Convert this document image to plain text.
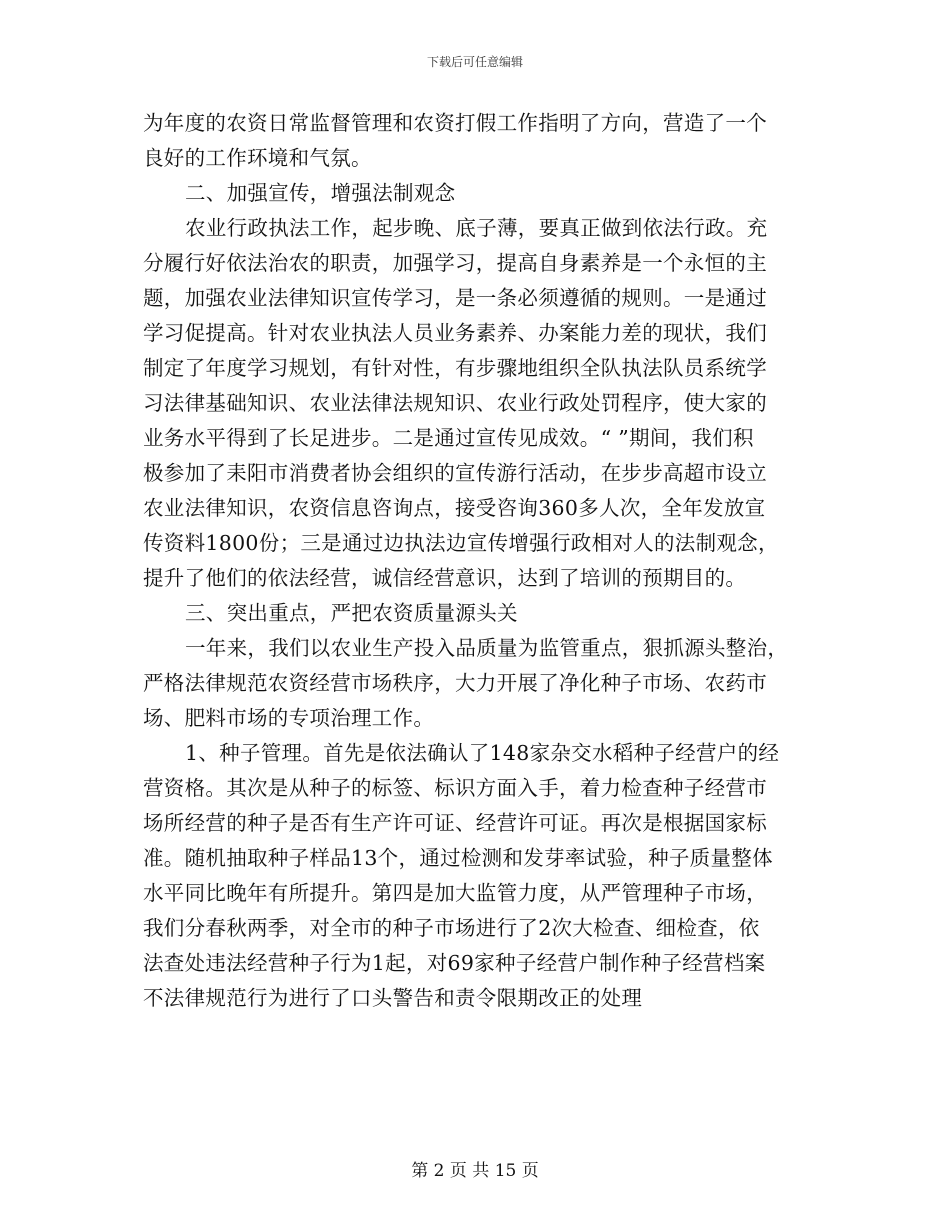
下载后可任意编辑
为年度的农资日常监督管理和农资打假工作指明了方向，营造了一个
良好的工作环境和气氛。
二、加强宣传，增强法制观念
农业行政执法工作，起步晚、底子薄，要真正做到依法行政。充
分履行好依法治农的职责，加强学习，提高自身素养是一个永恒的主
题，加强农业法律知识宣传学习，是一条必须遵循的规则。一是通过
学习促提高。针对农业执法人员业务素养、办案能力差的现状，我们
制定了年度学习规划，有针对性，有步骤地组织全队执法队员系统学
习法律基础知识、农业法律法规知识、农业行政处罚程序，使大家的
业务水平得到了长足进步。二是通过宣传见成效。“ ”期间，我们积
极参加了耒阳市消费者协会组织的宣传游行活动，在步步高超市设立
农业法律知识，农资信息咨询点，接受咨询360多人次，全年发放宣
传资料1800份；三是通过边执法边宣传增强行政相对人的法制观念，
提升了他们的依法经营，诚信经营意识，达到了培训的预期目的。
三、突出重点，严把农资质量源头关
一年来，我们以农业生产投入品质量为监管重点，狠抓源头整治，
严格法律规范农资经营市场秩序，大力开展了净化种子市场、农药市
场、肥料市场的专项治理工作。
1、种子管理。首先是依法确认了148家杂交水稻种子经营户的经
营资格。其次是从种子的标签、标识方面入手，着力检查种子经营市
场所经营的种子是否有生产许可证、经营许可证。再次是根据国家标
准。随机抽取种子样品13个，通过检测和发芽率试验，种子质量整体
水平同比晚年有所提升。第四是加大监管力度，从严管理种子市场，
我们分春秋两季，对全市的种子市场进行了2次大检查、细检查，依
法查处违法经营种子行为1起，对69家种子经营户制作种子经营档案
不法律规范行为进行了口头警告和责令限期改正的处理
第 2 页 共 15 页
